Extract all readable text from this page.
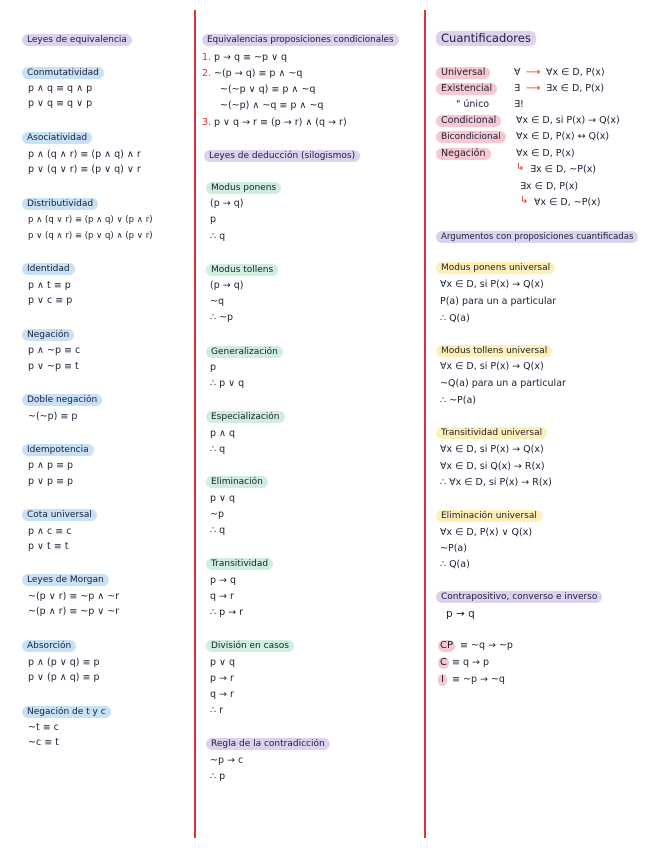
Leyes de equivalencia
Conmutatividad
p ∧ q ≡ q ∧ p
p ∨ q ≡ q ∨ p
Asociatividad
p ∧ (q ∧ r) ≡ (p ∧ q) ∧ r
p ∨ (q ∨ r) ≡ (p ∨ q) ∨ r
Distributividad
p ∧ (q ∨ r) ≡ (p ∧ q) ∨ (p ∧ r)
p ∨ (q ∧ r) ≡ (p ∨ q) ∧ (p ∨ r)
Identidad
p ∧ t ≡ p
p ∨ c ≡ p
Negación
p ∧ ~p ≡ c
p ∨ ~p ≡ t
Doble negación
~(~p) ≡ p
Idempotencia
p ∧ p ≡ p
p ∨ p ≡ p
Cota universal
p ∧ c ≡ c
p ∨ t ≡ t
Leyes de Morgan
~(p ∨ r) ≡ ~p ∧ ~r
~(p ∧ r) ≡ ~p ∨ ~r
Absorción
p ∧ (p ∨ q) ≡ p
p ∨ (p ∧ q) ≡ p
Negación de t y c
~t ≡ c
~c ≡ t
Equivalencias proposiciones condicionales
1. p → q ≡ ~p ∨ q
2. ~(p → q) ≡ p ∧ ~q
~(~p ∨ q) ≡ p ∧ ~q
~(~p) ∧ ~q ≡ p ∧ ~q
3. p ∨ q → r ≡ (p → r) ∧ (q → r)
Leyes de deducción (silogismos)
Modus ponens
(p → q)
p
∴ q
Modus tollens
(p → q)
~q
∴ ~p
Generalización
p
∴ p ∨ q
Especialización
p ∧ q
∴ q
Eliminación
p ∨ q
~p
∴ q
Transitividad
p → q
q → r
∴ p → r
División en casos
p ∨ q
p → r
q → r
∴ r
Regla de la contradicción
~p → c
∴ p
Cuantificadores
Universal	∀ ⟶ ∀x ∈ D, P(x)
Existencial	∃ ⟶ ∃x ∈ D, P(x)
" único	∃!
Condicional	∀x ∈ D, si P(x) → Q(x)
Bicondicional	∀x ∈ D, P(x) ↔ Q(x)
Negación	∀x ∈ D, P(x)
↳ ∃x ∈ D, ~P(x)
∃x ∈ D, P(x)
↳ ∀x ∈ D, ~P(x)
Argumentos con proposiciones cuantificadas
Modus ponens universal
∀x ∈ D, si P(x) → Q(x)
P(a) para un a particular
∴ Q(a)
Modus tollens universal
∀x ∈ D, si P(x) → Q(x)
~Q(a) para un a particular
∴ ~P(a)
Transitividad universal
∀x ∈ D, si P(x) → Q(x)
∀x ∈ D, si Q(x) → R(x)
∴ ∀x ∈ D, si P(x) → R(x)
Eliminación universal
∀x ∈ D, P(x) ∨ Q(x)
~P(a)
∴ Q(a)
Contrapositivo, converso e inverso
p → q
CP ≡ ~q → ~p
C ≡ q → p
I ≡ ~p → ~q
